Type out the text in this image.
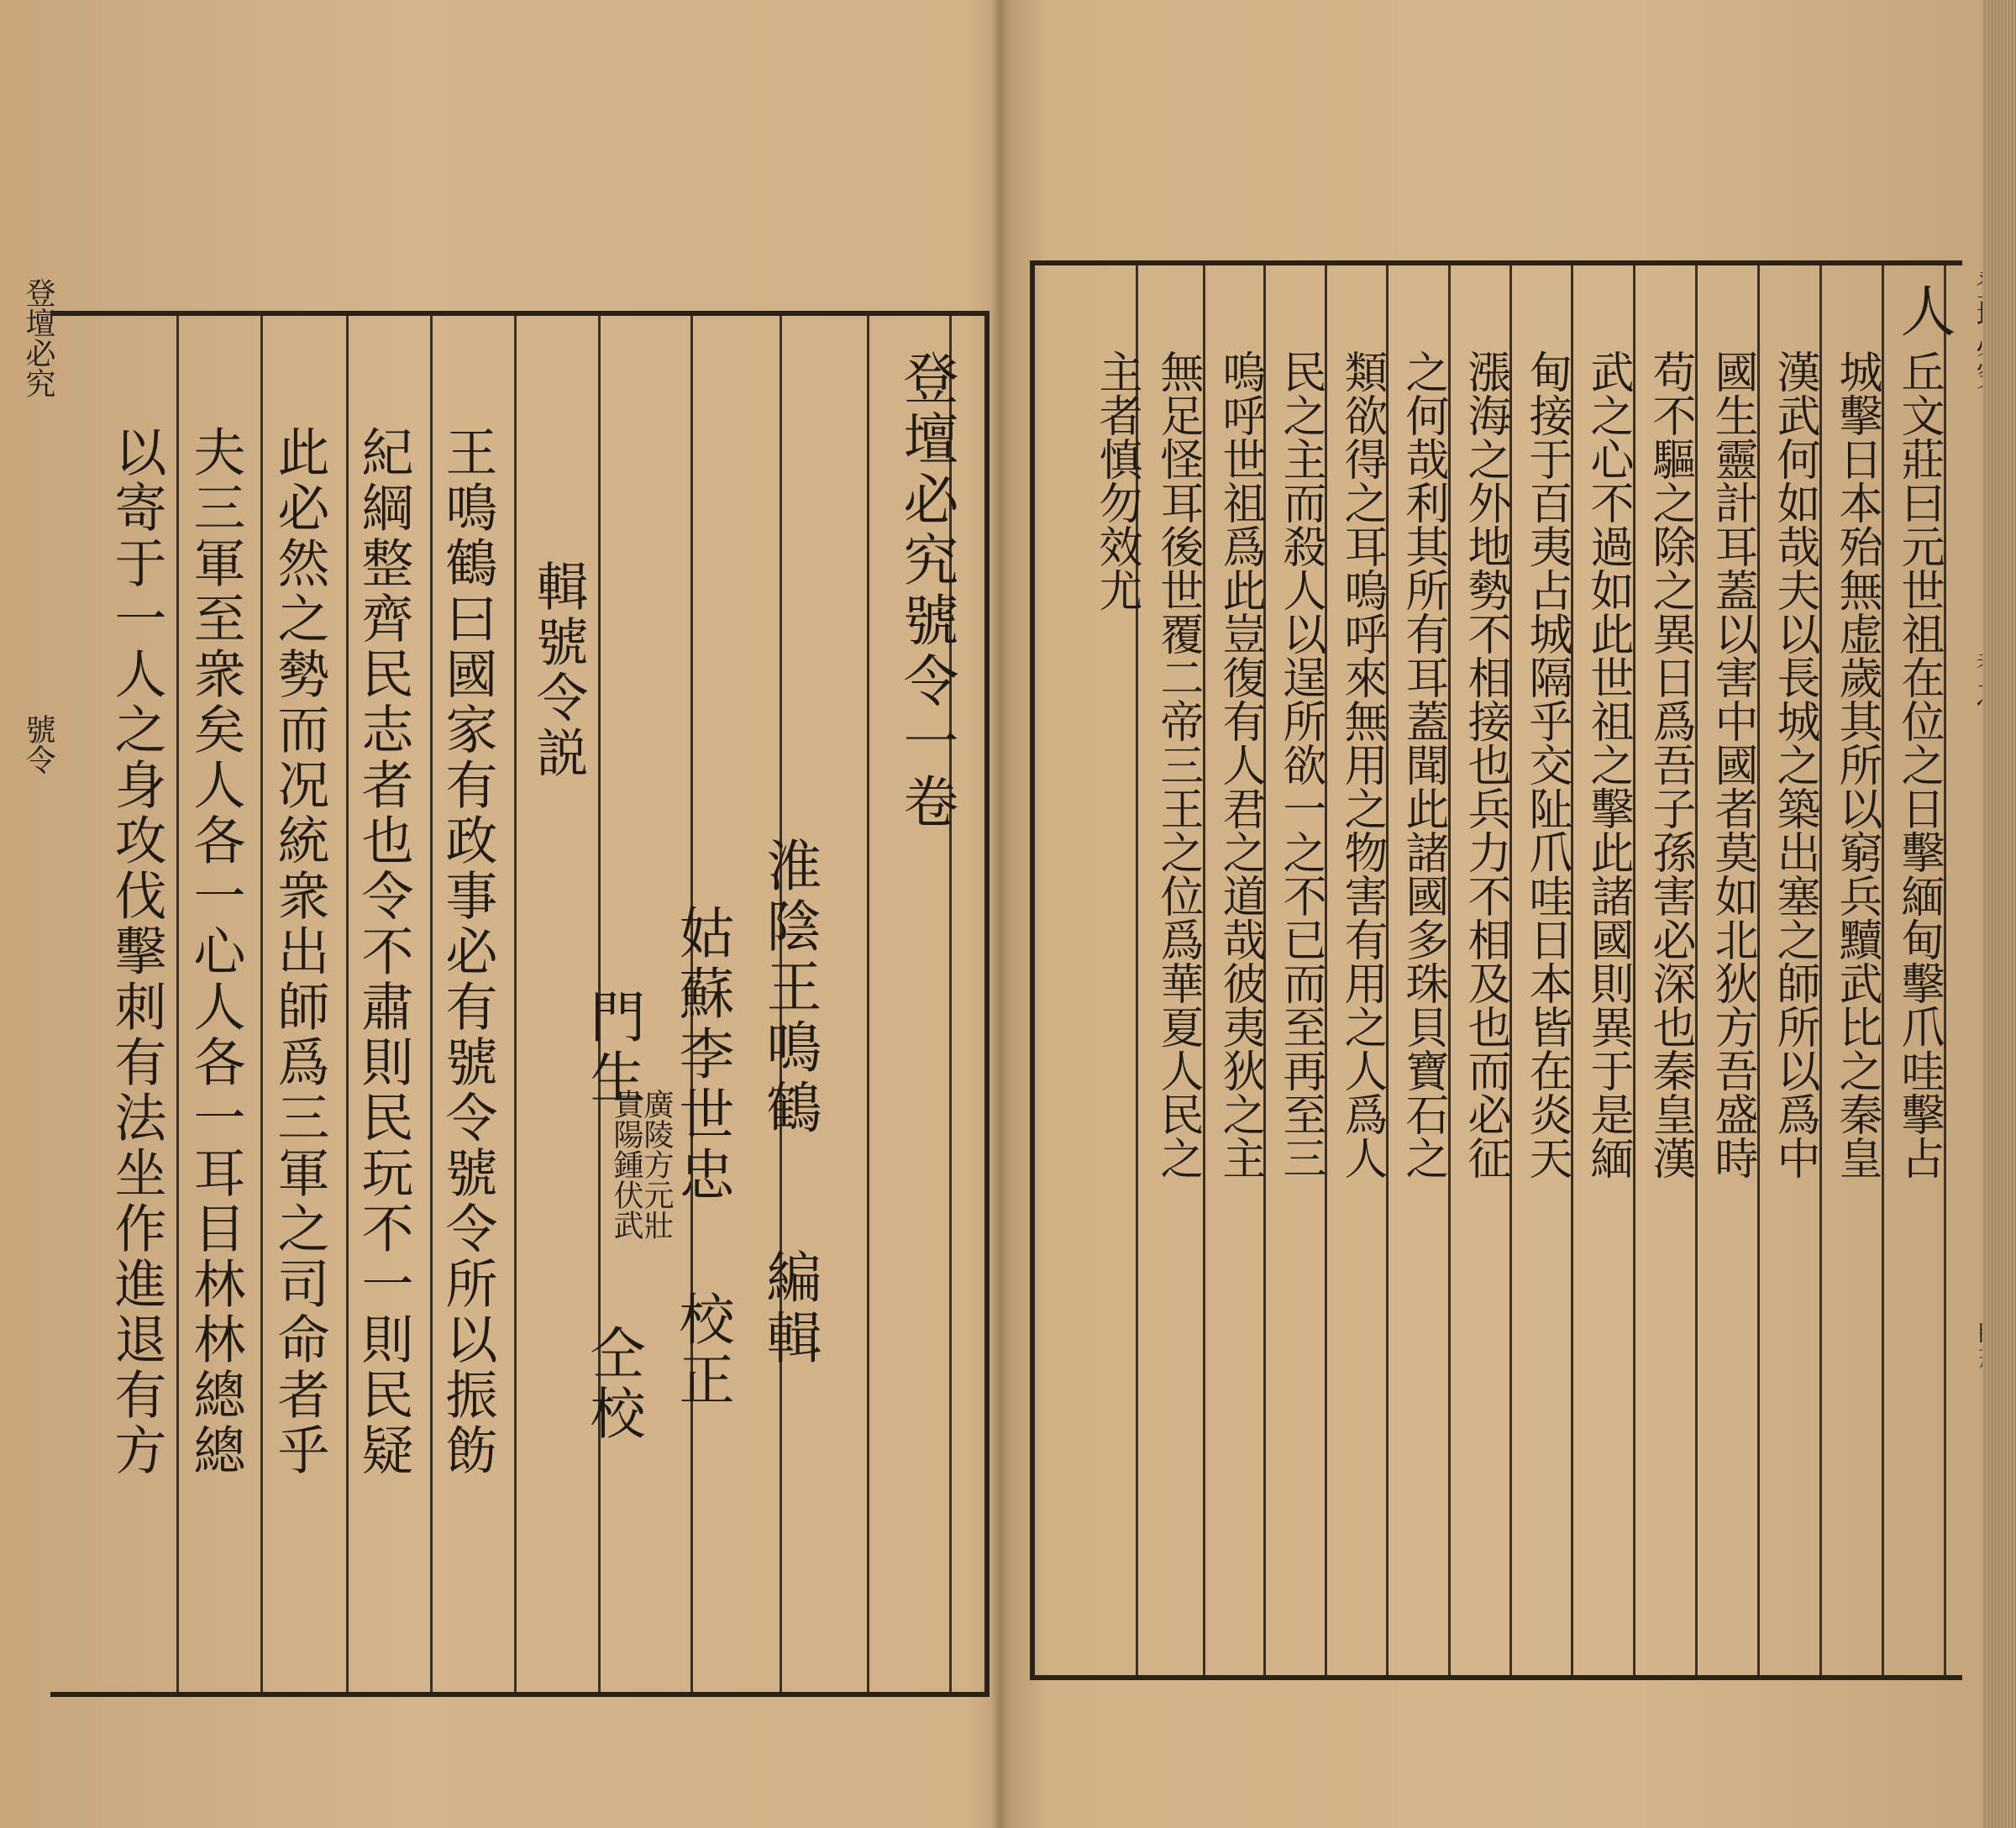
登壇必究
號令	王鳴鶴曰國家有政事必有號令號令所以振飭
紀綱整齊民志者也令不肅則民玩不一則民疑
此必然之勢而况統衆出師爲三軍之司命者乎
夫三軍至衆矣人各一心人各一耳目林林總總
以寄于一人之身攻伐擊刺有法坐作進退有方	輯號令説
門生
廣陵方元壯
貴陽鍾伏武
仝校
姑蘇李世忠
校正
淮陰王鳴鶴
編輯
登壇必究號令一卷
人
丘文莊曰元世祖在位之日擊緬甸擊爪哇擊占
城擊日本殆無虚歲其所以窮兵黷武比之秦皇
漢武何如哉夫以長城之築出塞之師所以爲中
國生靈計耳蓋以害中國者莫如北狄方吾盛時
苟不驅之除之異日爲吾子孫害必深也秦皇漢
武之心不過如此世祖之擊此諸國則異于是緬
甸接于百夷占城隔乎交阯爪哇日本皆在炎天
漲海之外地勢不相接也兵力不相及也而必征
之何哉利其所有耳蓋聞此諸國多珠貝寶石之
類欲得之耳嗚呼來無用之物害有用之人爲人
民之主而殺人以逞所欲一之不已而至再至三
嗚呼世祖爲此豈復有人君之道哉彼夷狄之主
無足怪耳後世覆二帝三王之位爲華夏人民之
主者慎勿效尤
